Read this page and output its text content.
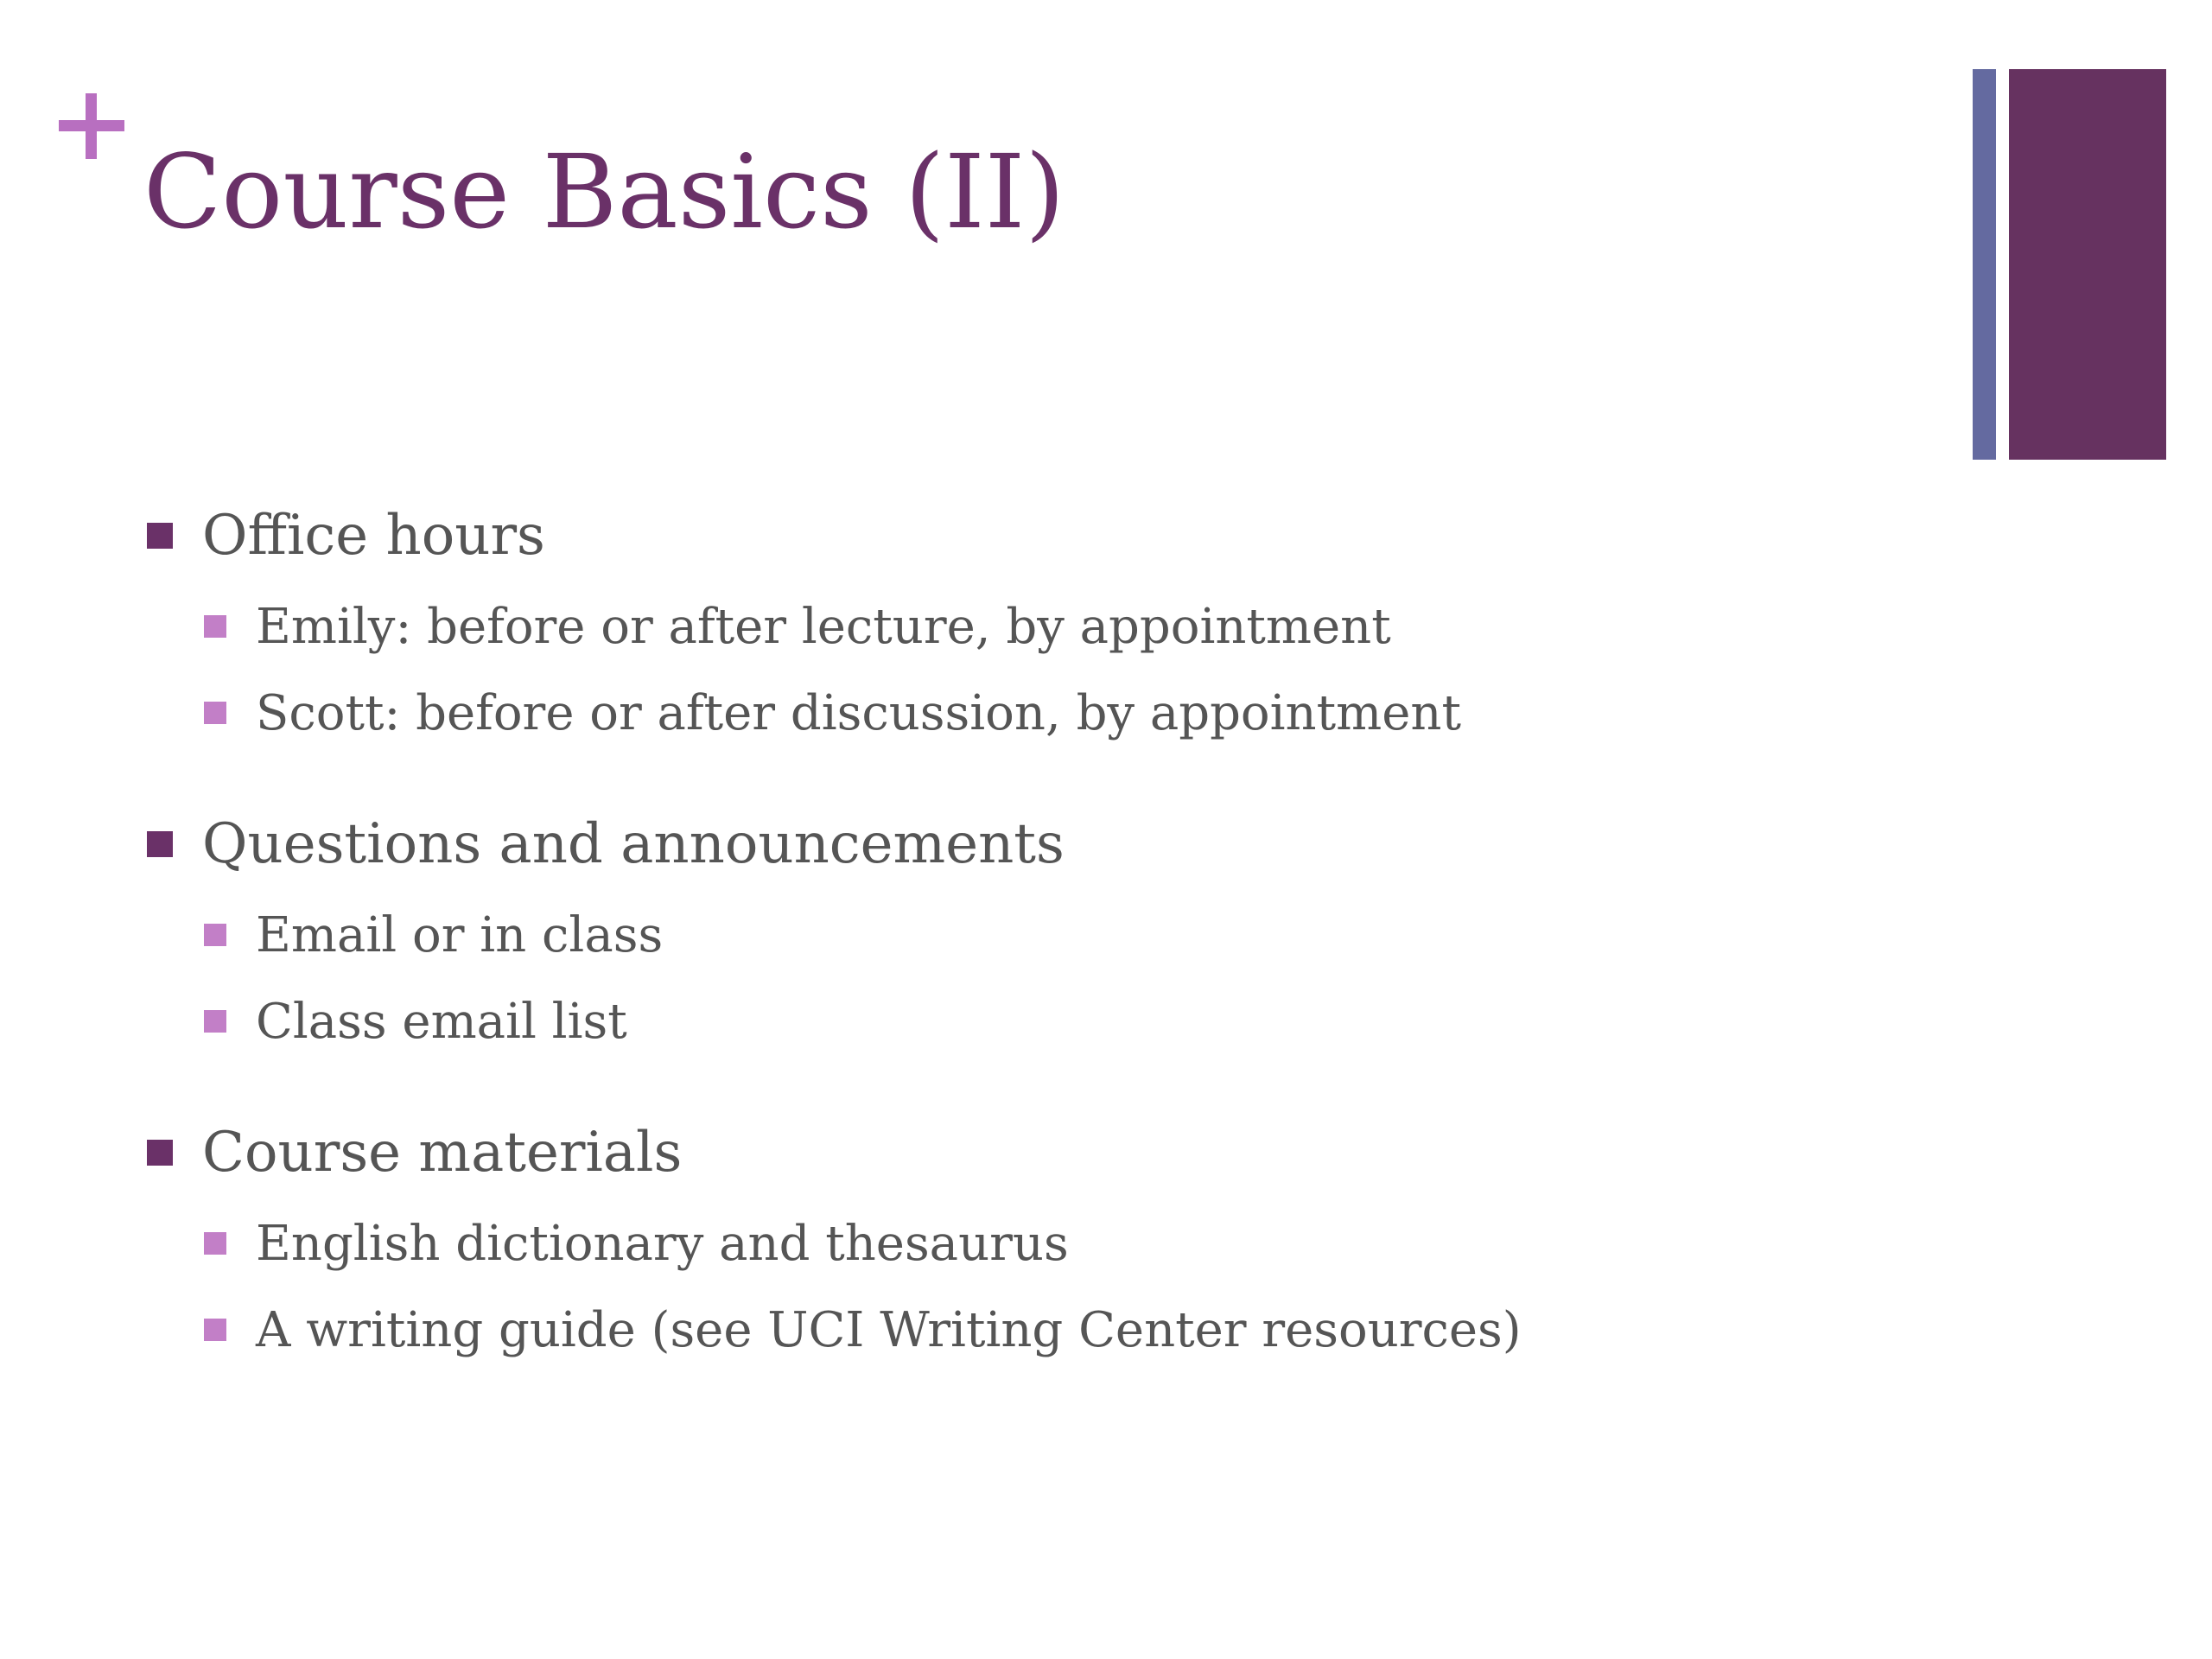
Course Basics (II)
Office hours
Emily: before or after lecture, by appointment
Scott: before or after discussion, by appointment
Questions and announcements
Email or in class
Class email list
Course materials
English dictionary and thesaurus
A writing guide (see UCI Writing Center resources)
